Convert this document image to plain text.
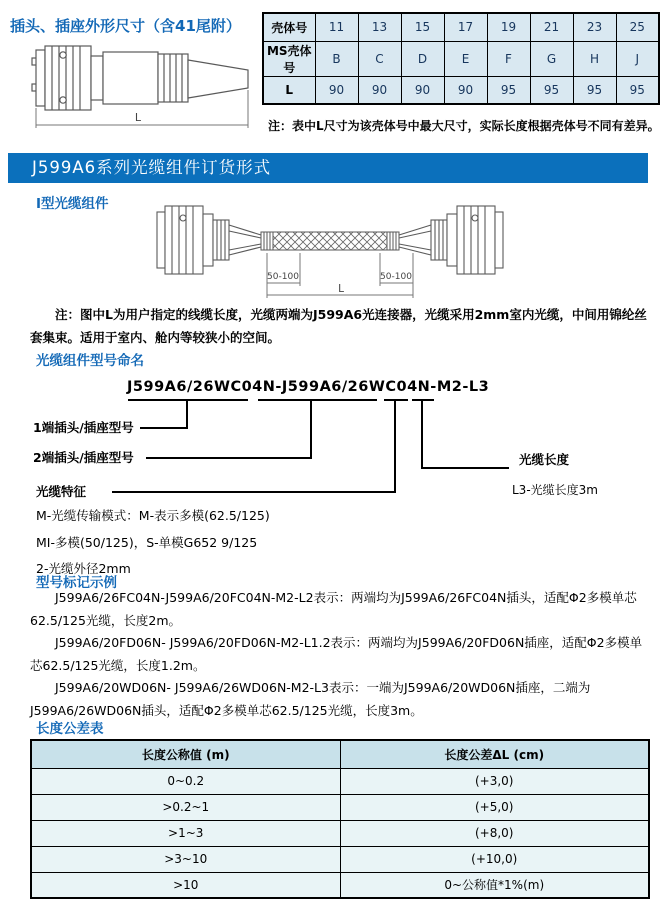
插头、插座外形尺寸（含41尾附）
L
壳体号	11	13	15	17	19	21	23	25
MS壳体号	B	C	D	E	F	G	H	J
L	90	90	90	90	95	95	95	95
注：表中L尺寸为该壳体号中最大尺寸，实际长度根据壳体号不同有差异。
J599A6系列光缆组件订货形式
I型光缆组件
50-100	50-100
L
注：图中L为用户指定的线缆长度，光缆两端为J599A6光连接器，光缆采用2mm室内光缆，中间用锦纶丝套集束。适用于室内、舱内等较狭小的空间。
光缆组件型号命名
J599A6/26WC04N-J599A6/26WC04N-M2-L3
1端插头/插座型号
2端插头/插座型号
光缆特征
光缆长度
L3-光缆长度3m
M-光缆传输模式：M-表示多模(62.5/125)
MI-多模(50/125)，S-单模G652 9/125
2-光缆外径2mm
型号标记示例

J599A6/26FC04N-J599A6/20FC04N-M2-L2表示：两端均为J599A6/26FC04N插头，适配Φ2多模单芯62.5/125光缆，长度2m。

J599A6/20FD06N- J599A6/20FD06N-M2-L1.2表示：两端均为J599A6/20FD06N插座，适配Φ2多模单芯62.5/125光缆，长度1.2m。

J599A6/20WD06N- J599A6/26WD06N-M2-L3表示：一端为J599A6/20WD06N插座，二端为J599A6/26WD06N插头，适配Φ2多模单芯62.5/125光缆，长度3m。

长度公差表
长度公称值 (m)	长度公差ΔL (cm)
0~0.2	(+3,0)
>0.2~1	(+5,0)
>1~3	(+8,0)
>3~10	(+10,0)
>10	0~公称值*1%(m)
